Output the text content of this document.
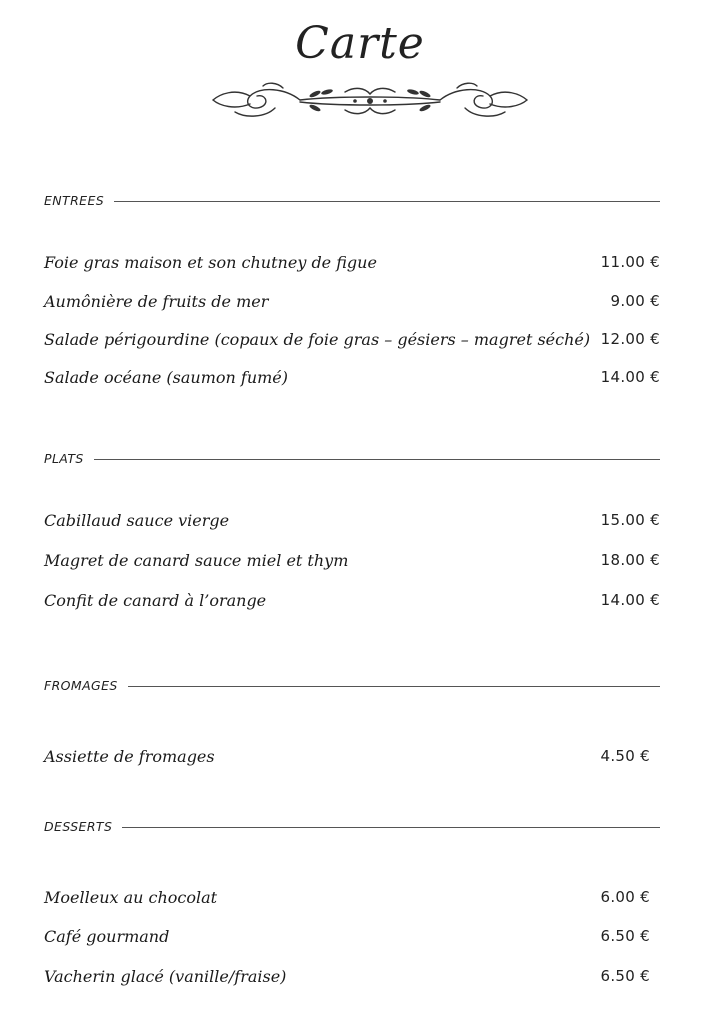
Carte
ENTREES
Foie gras maison et son chutney de figue	11.00 €
Aumônière de fruits de mer	9.00 €
Salade périgourdine (copaux de foie gras – gésiers – magret séché) 12.00 €
Salade océane (saumon fumé)	14.00 €
PLATS
Cabillaud sauce vierge	15.00 €
Magret de canard sauce miel et thym	18.00 €
Confit de canard à l’orange	14.00 €
FROMAGES
Assiette de fromages	4.50 €
DESSERTS
Moelleux au chocolat	6.00 €
Café gourmand	6.50 €
Vacherin glacé (vanille/fraise)	6.50 €
